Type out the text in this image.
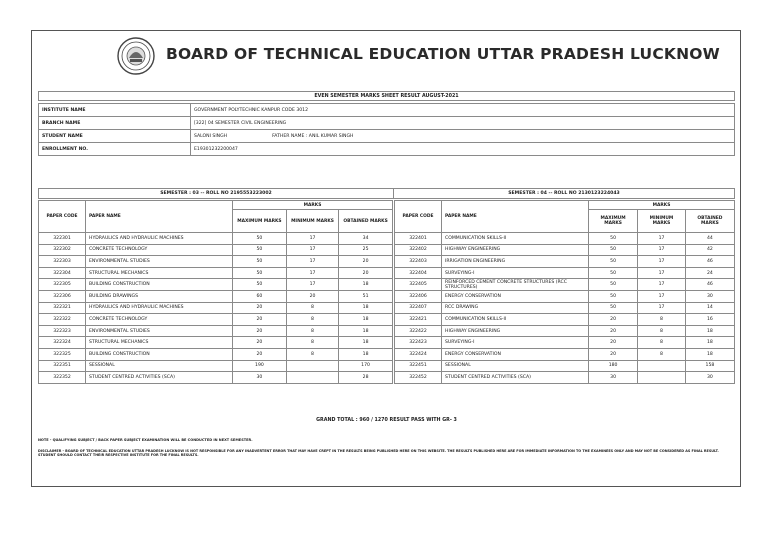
BOARD OF TECHNICAL EDUCATION UTTAR PRADESH LUCKNOW
EVEN SEMESTER MARKS SHEET RESULT AUGUST-2021
INSTITUTE NAME	GOVERNMENT POLYTECHNIC KANPUR CODE 3012
BRANCH NAME	[322] 04 SEMESTER CIVIL ENGINEERING
STUDENT NAME	SALONI SINGH FATHER NAME : ANIL KUMAR SINGH
ENROLLMENT NO.	E19301232200047
SEMESTER : 03 -- ROLL NO 2195553223002	SEMESTER : 04 -- ROLL NO 2130123224043
PAPER CODE	PAPER NAME	MARKS		
		MAXIMUM MARKS	MINIMUM MARKS	OBTAINED MARKS
322301	HYDRAULICS AND HYDRAULIC MACHINES	50	17	34
322302	CONCRETE TECHNOLOGY	50	17	25
322303	ENVIRONMENTAL STUDIES	50	17	20
322304	STRUCTURAL MECHANICS	50	17	20
322305	BUILDING CONSTRUCTION	50	17	18
322306	BUILDING DRAWINGS	60	20	51
322321	HYDRAULICS AND HYDRAULIC MACHINES	20	8	18
322322	CONCRETE TECHNOLOGY	20	8	18
322323	ENVIRONMENTAL STUDIES	20	8	18
322324	STRUCTURAL MECHANICS	20	8	18
322325	BUILDING CONSTRUCTION	20	8	18
322351	SESSIONAL	190		170
322352	STUDENT CENTRED ACTIVITIES (SCA)	30		28
PAPER CODE	PAPER NAME	MARKS		
		MAXIMUM MARKS	MINIMUM MARKS	OBTAINED MARKS
322401	COMMUNICATION SKILLS-II	50	17	44
322402	HIGHWAY ENGINEERING	50	17	42
322403	IRRIGATION ENGINEERING	50	17	46
322404	SURVEYING-I	50	17	24
322405	REINFORCED CEMENT CONCRETE STRUCTURES (RCC STRUCTURES)	50	17	46
322406	ENERGY CONSERVATION	50	17	30
322407	RCC DRAWING	50	17	14
322421	COMMUNICATION SKILLS-II	20	8	16
322422	HIGHWAY ENGINEERING	20	8	18
322423	SURVEYING-I	20	8	18
322424	ENERGY CONSERVATION	20	8	18
322451	SESSIONAL	180		158
322452	STUDENT CENTRED ACTIVITIES (SCA)	30		30
GRAND TOTAL : 960 / 1270 RESULT PASS WITH GR- 3
NOTE - QUALIFYING SUBJECT / BACK PAPER SUBJECT EXAMINATION WILL BE CONDUCTED IN NEXT SEMESTER.
DISCLAIMER - BOARD OF TECHNICAL EDUCATION UTTAR PRADESH LUCKNOW IS NOT RESPONSIBLE FOR ANY INADVERTENT ERROR THAT MAY HAVE CREPT IN THE RESULTS BEING PUBLISHED HERE ON THIS WEBSITE. THE RESULTS PUBLISHED HERE ARE FOR IMMEDIATE INFORMATION TO THE EXAMINEES ONLY AND MAY NOT BE CONSIDERED AS FINAL RESULT. STUDENT SHOULD CONTACT THEIR RESPECTIVE INSTITUTE FOR THE FINAL RESULTS.
